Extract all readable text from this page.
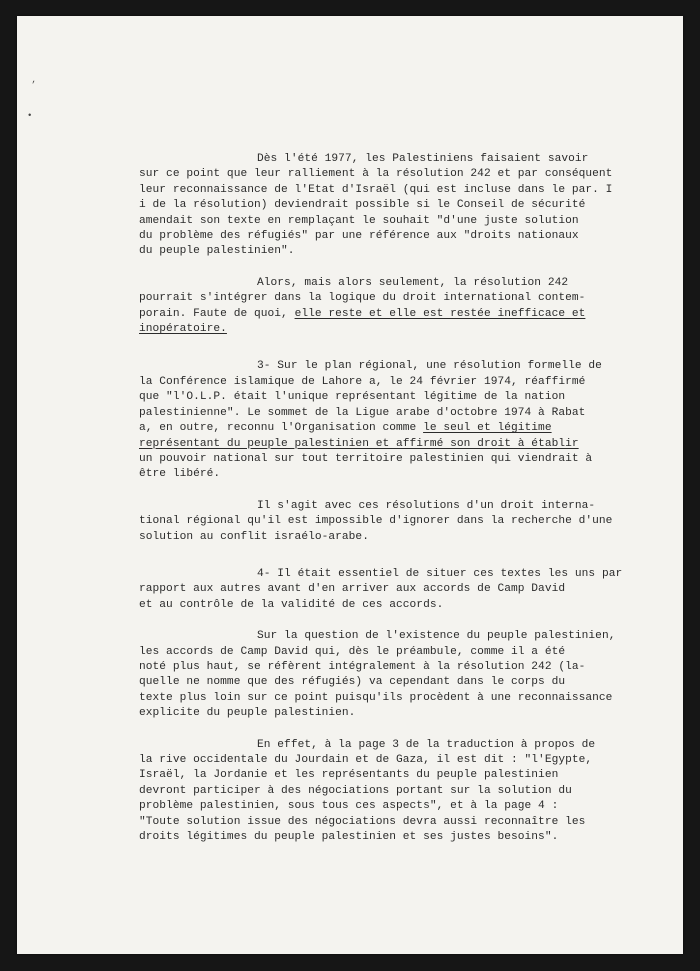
‚
•
Dès l'été 1977, les Palestiniens faisaient savoir
sur ce point que leur ralliement à la résolution 242 et par conséquent
leur reconnaissance de l'Etat d'Israël (qui est incluse dans le par. I
i de la résolution) deviendrait possible si le Conseil de sécurité
amendait son texte en remplaçant le souhait "d'une juste solution
du problème des réfugiés" par une référence aux "droits nationaux
du peuple palestinien".
Alors, mais alors seulement, la résolution 242
pourrait s'intégrer dans la logique du droit international contem-
porain. Faute de quoi, elle reste et elle est restée inefficace et
inopératoire.
3- Sur le plan régional, une résolution formelle de
la Conférence islamique de Lahore a, le 24 février 1974, réaffirmé
que "l'O.L.P. était l'unique représentant légitime de la nation
palestinienne". Le sommet de la Ligue arabe d'octobre 1974 à Rabat
a, en outre, reconnu l'Organisation comme le seul et légitime
représentant du peuple palestinien et affirmé son droit à établir
un pouvoir national sur tout territoire palestinien qui viendrait à
être libéré.
Il s'agit avec ces résolutions d'un droit interna-
tional régional qu'il est impossible d'ignorer dans la recherche d'une
solution au conflit israélo-arabe.
4- Il était essentiel de situer ces textes les uns par
rapport aux autres avant d'en arriver aux accords de Camp David
et au contrôle de la validité de ces accords.
Sur la question de l'existence du peuple palestinien,
les accords de Camp David qui, dès le préambule, comme il a été
noté plus haut, se réfèrent intégralement à la résolution 242 (la-
quelle ne nomme que des réfugiés) va cependant dans le corps du
texte plus loin sur ce point puisqu'ils procèdent à une reconnaissance
explicite du peuple palestinien.
En effet, à la page 3 de la traduction à propos de
la rive occidentale du Jourdain et de Gaza, il est dit : "l'Egypte,
Israël, la Jordanie et les représentants du peuple palestinien
devront participer à des négociations portant sur la solution du
problème palestinien, sous tous ces aspects", et à la page 4 :
"Toute solution issue des négociations devra aussi reconnaître les
droits légitimes du peuple palestinien et ses justes besoins".
